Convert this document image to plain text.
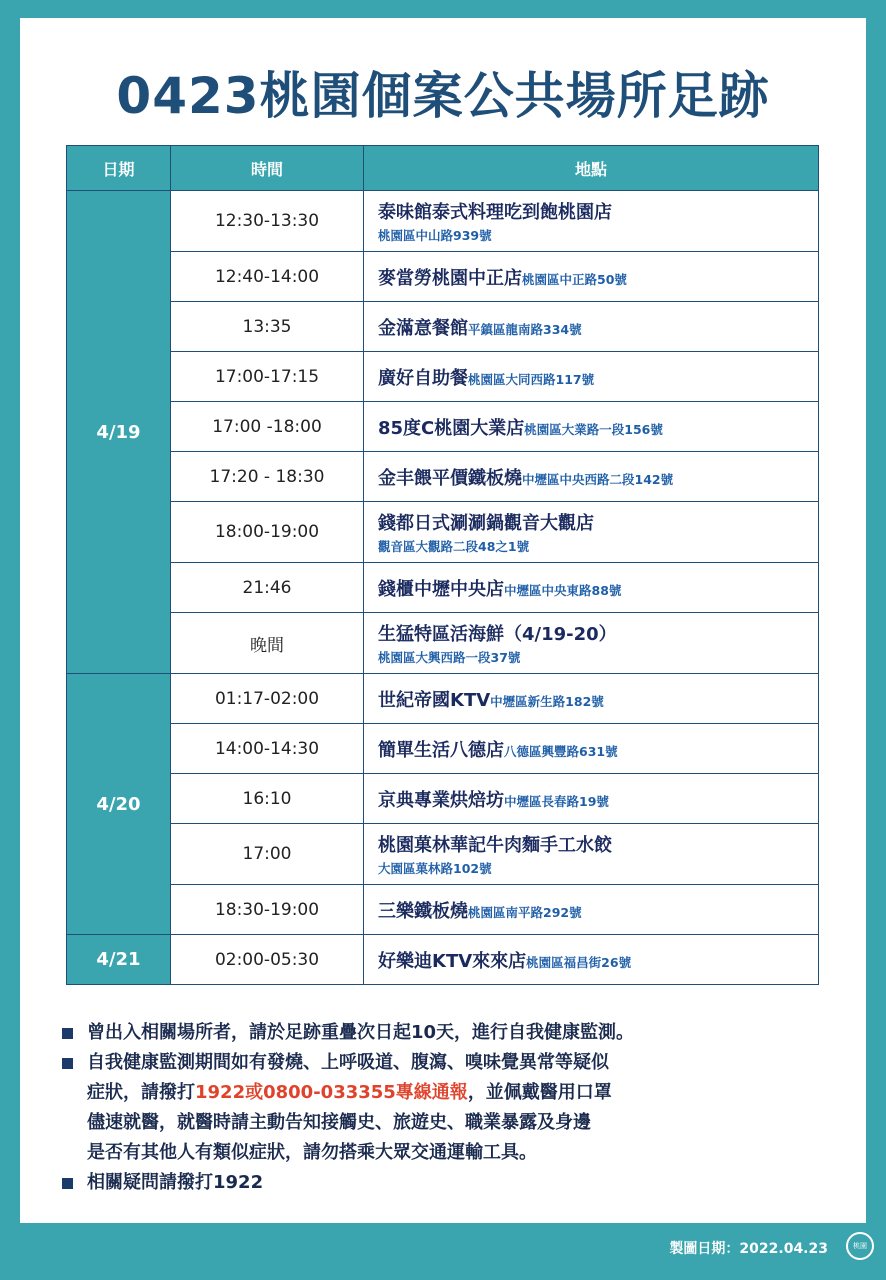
0423桃園個案公共場所足跡
日期	時間	地點
4/19	12:30-13:30	泰味館泰式料理吃到飽桃園店
桃園區中山路939號

	12:40-14:00	麥當勞桃園中正店桃園區中正路50號
	13:35	金滿意餐館平鎮區龍南路334號
	17:00-17:15	廣好自助餐桃園區大同西路117號
	17:00 -18:00	85度C桃園大業店桃園區大業路一段156號
	17:20 - 18:30	金丰餵平價鐵板燒中壢區中央西路二段142號
	18:00-19:00	錢都日式涮涮鍋觀音大觀店
觀音區大觀路二段48之1號

	21:46	錢櫃中壢中央店中壢區中央東路88號
	晚間	生猛特區活海鮮（4/19-20）
桃園區大興西路一段37號

4/20	01:17-02:00	世紀帝國KTV中壢區新生路182號
	14:00-14:30	簡單生活八德店八德區興豐路631號
	16:10	京典專業烘焙坊中壢區長春路19號
	17:00	桃園菓林華記牛肉麵手工水餃
大園區菓林路102號

	18:30-19:00	三樂鐵板燒桃園區南平路292號
4/21	02:00-05:30	好樂迪KTV來來店桃園區福昌街26號
曾出入相關場所者，請於足跡重疊次日起10天，進行自我健康監測。
自我健康監測期間如有發燒、上呼吸道、腹瀉、嗅味覺異常等疑似
症狀，請撥打1922或0800-033355專線通報，並佩戴醫用口罩
儘速就醫，就醫時請主動告知接觸史、旅遊史、職業暴露及身邊
是否有其他人有類似症狀，請勿搭乘大眾交通運輸工具。
相關疑問請撥打1922
製圖日期：2022.04.23	桃園
